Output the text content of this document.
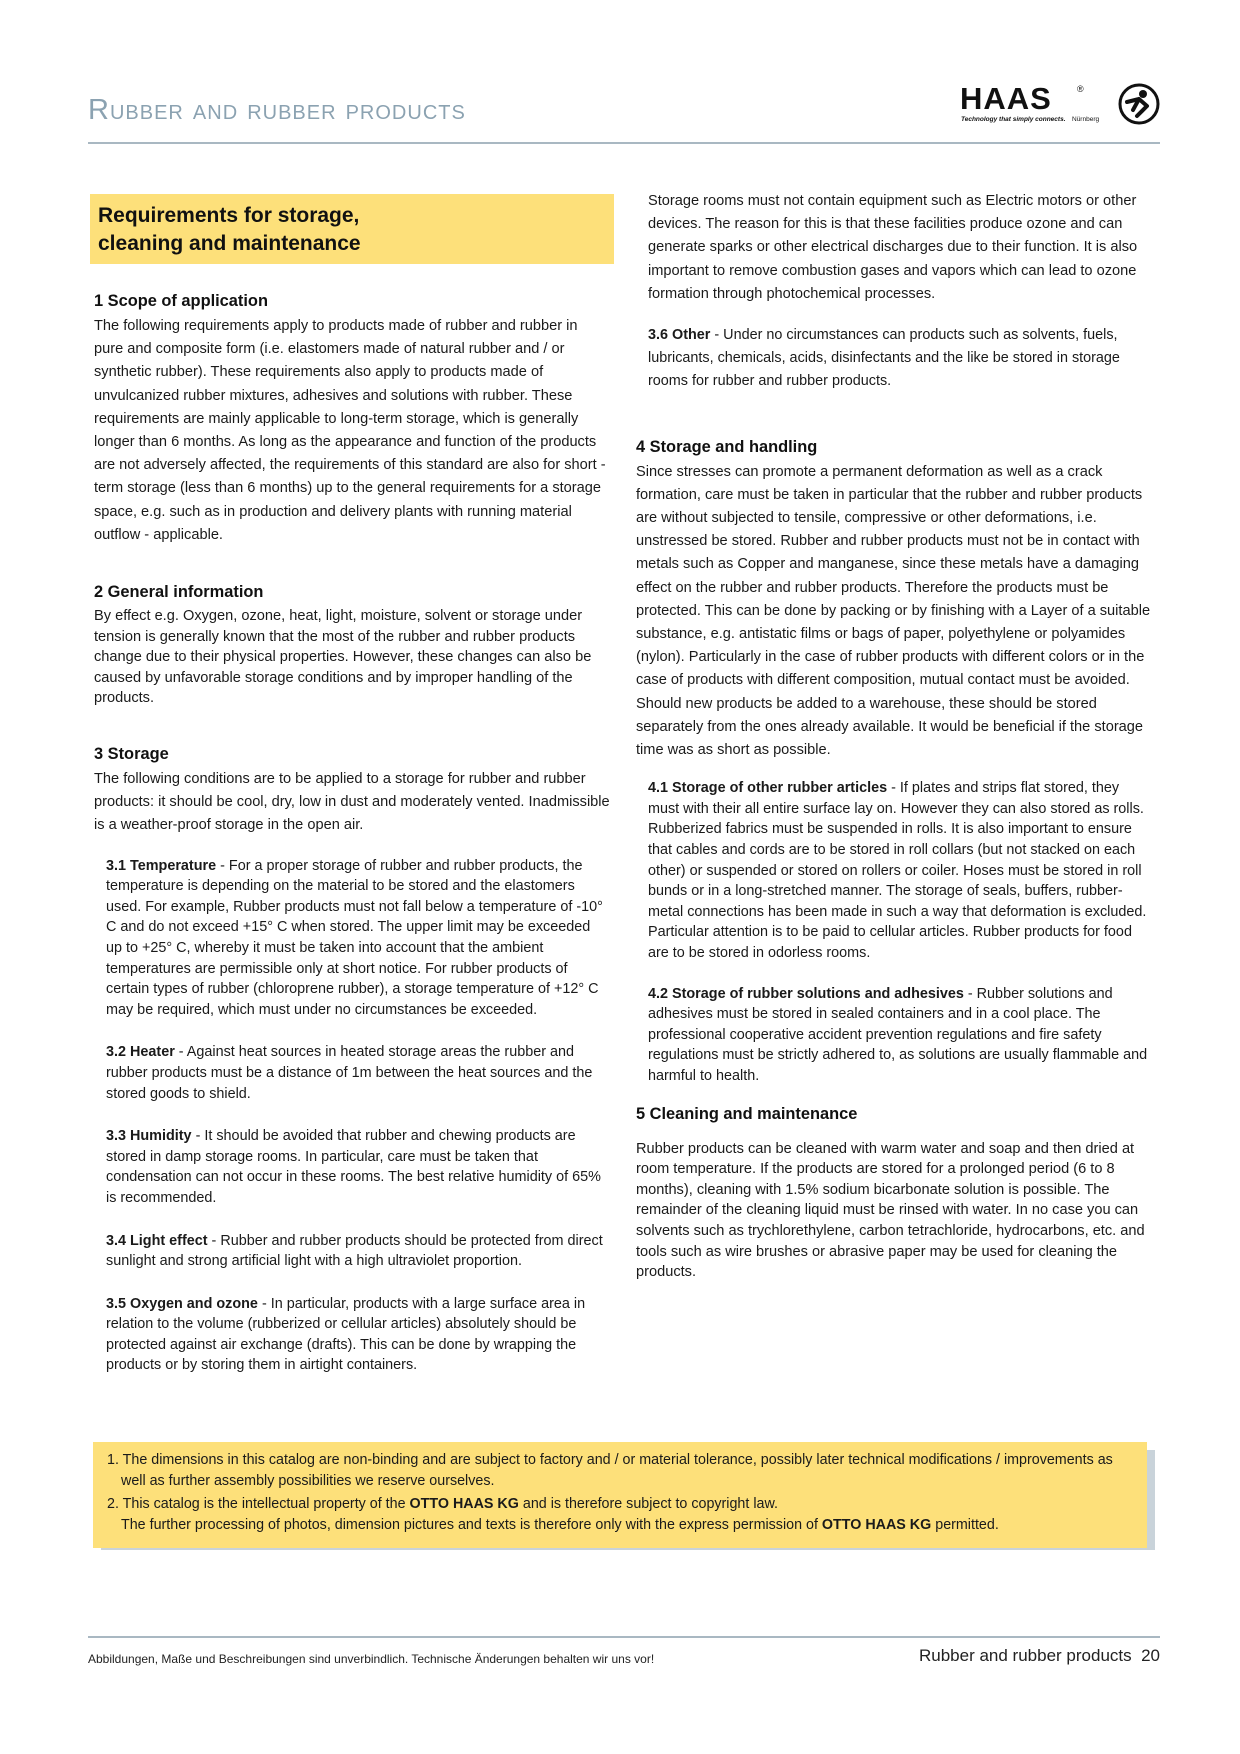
Rubber and rubber products	HAAS	®
Technology that simply connects. Nürnberg
Requirements for storage,
cleaning and maintenance
1 Scope of application

The following requirements apply to products made of rubber and rubber in pure and composite form (i.e. elastomers made of natural rubber and / or synthetic rubber). These requirements also apply to products made of unvulcanized rubber mixtures, adhesives and solutions with rubber. These requirements are mainly applicable to long-term storage, which is generally longer than 6 months. As long as the appearance and function of the products are not adversely affected, the requirements of this standard are also for short - term storage (less than 6 months) up to the general requirements for a storage space, e.g. such as in production and delivery plants with running material outflow - applicable.

2 General information

By effect e.g. Oxygen, ozone, heat, light, moisture, solvent or storage under tension is generally known that the most of the rubber and rubber products change due to their physical properties. However, these changes can also be caused by unfavorable storage conditions and by improper handling of the products.

3 Storage

The following conditions are to be applied to a storage for rubber and rubber products: it should be cool, dry, low in dust and moderately vented. Inadmissible is a weather-proof storage in the open air.

3.1 Temperature - For a proper storage of rubber and rubber products, the temperature is depending on the material to be stored and the elastomers used. For example, Rubber products must not fall below a temperature of -10° C and do not exceed +15° C when stored. The upper limit may be exceeded up to +25° C, whereby it must be taken into account that the ambient temperatures are permissible only at short notice. For rubber products of certain types of rubber (chloroprene rubber), a storage temperature of +12° C may be required, which must under no circumstances be exceeded.
3.2 Heater - Against heat sources in heated storage areas the rubber and rubber products must be a distance of 1m between the heat sources and the stored goods to shield.
3.3 Humidity - It should be avoided that rubber and chewing products are stored in damp storage rooms. In particular, care must be taken that condensation can not occur in these rooms. The best relative humidity of 65% is recommended.
3.4 Light effect - Rubber and rubber products should be protected from direct sunlight and strong artificial light with a high ultraviolet proportion.
3.5 Oxygen and ozone - In particular, products with a large surface area in relation to the volume (rubberized or cellular articles) absolutely should be protected against air exchange (drafts). This can be done by wrapping the products or by storing them in airtight containers.

Storage rooms must not contain equipment such as Electric motors or other devices. The reason for this is that these facilities produce ozone and can generate sparks or other electrical discharges due to their function. It is also important to remove combustion gases and vapors which can lead to ozone formation through photochemical processes.

3.6 Other - Under no circumstances can products such as solvents, fuels, lubricants, chemicals, acids, disinfectants and the like be stored in storage rooms for rubber and rubber products.
4 Storage and handling

Since stresses can promote a permanent deformation as well as a crack formation, care must be taken in particular that the rubber and rubber products are without subjected to tensile, compressive or other deformations, i.e. unstressed be stored. Rubber and rubber products must not be in contact with metals such as Copper and manganese, since these metals have a damaging effect on the rubber and rubber products. Therefore the products must be protected. This can be done by packing or by finishing with a Layer of a suitable substance, e.g. antistatic films or bags of paper, polyethylene or polyamides (nylon). Particularly in the case of rubber products with different colors or in the case of products with different composition, mutual contact must be avoided. Should new products be added to a warehouse, these should be stored separately from the ones already available. It would be beneficial if the storage time was as short as possible.

4.1 Storage of other rubber articles - If plates and strips flat stored, they must with their all entire surface lay on. However they can also stored as rolls. Rubberized fabrics must be suspended in rolls. It is also important to ensure that cables and cords are to be stored in roll collars (but not stacked on each other) or suspended or stored on rollers or coiler. Hoses must be stored in roll bunds or in a long-stretched manner. The storage of seals, buffers, rubber-metal connections has been made in such a way that deformation is excluded. Particular attention is to be paid to cellular articles. Rubber products for food are to be stored in odorless rooms.
4.2 Storage of rubber solutions and adhesives - Rubber solutions and adhesives must be stored in sealed containers and in a cool place. The professional cooperative accident prevention regulations and fire safety regulations must be strictly adhered to, as solutions are usually flammable and harmful to health.
5 Cleaning and maintenance

Rubber products can be cleaned with warm water and soap and then dried at room temperature. If the products are stored for a prolonged period (6 to 8 months), cleaning with 1.5% sodium bicarbonate solution is possible. The remainder of the cleaning liquid must be rinsed with water. In no case you can solvents such as trychlorethylene, carbon tetrachloride, hydrocarbons, etc. and tools such as wire brushes or abrasive paper may be used for cleaning the products.

1. The dimensions in this catalog are non-binding and are subject to factory and / or material tolerance, possibly later technical modifications / improvements as well as further assembly possibilities we reserve ourselves.
2. This catalog is the intellectual property of the OTTO HAAS KG and is therefore subject to copyright law.
The further processing of photos, dimension pictures and texts is therefore only with the express permission of OTTO HAAS KG permitted.
Abbildungen, Maße und Beschreibungen sind unverbindlich. Technische Änderungen behalten wir uns vor!	Rubber and rubber products 20
